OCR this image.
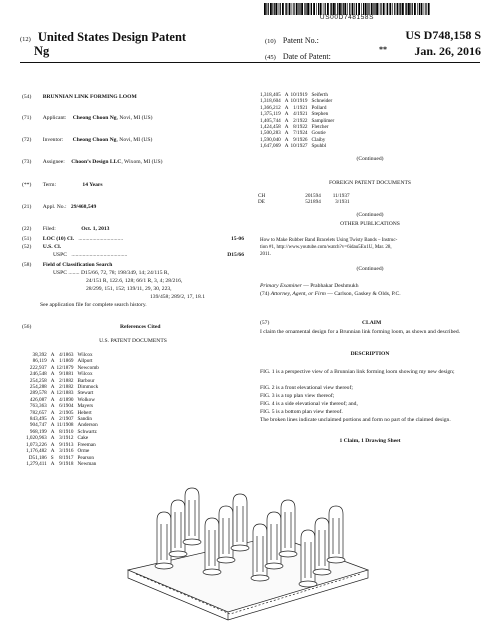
US00D748158S
(12) United States Design Patent
Ng
(10) Patent No.:	US D748,158 S
(45) Date of Patent:
** Jan. 26, 2016
(54) BRUNNIAN LINK FORMING LOOM
(71) Applicant: Cheong Choon Ng, Novi, MI (US)
(72) Inventor: Cheong Choon Ng, Novi, MI (US)
(73) Assignee: Choon’s Design LLC, Wixom, MI (US)
(**) Term:	14 Years
(21) Appl. No.: 29/468,549
(22) Filed:	Oct. 1, 2013
(51) LOC (10) Cl. ................................	15-06
(52) U.S. Cl.
USPC ........................................	D15/66
(58) Field of Classification Search
USPC ........ D15/66, 72, 78; 198/349, 14; 24/115 R,
24/151 R, 122.6, 128; 66/1 R, 3, 4; 28/216,
28/299, 151, 152; 139/11, 29, 30, 223,
139/458; 289/2, 17, 18.1
See application file for complete search history.
(56)	References Cited
U.S. PATENT DOCUMENTS
38,392	A	4/1863	Wilcox
86,119	A	1/1869	Allport
222,937	A	12/1879	Newcomb
246,548	A	9/1881	Wilcox
254,258	A	2/1882	Barbour
254,288	A	2/1882	Dimmock
289,578	A	12/1883	Stewart
426,087	A	4/1890	Wolkow
763,363	A	6/1904	Mayers
782,657	A	2/1905	Hebert
843,495	A	2/1907	Sandin
904,747	A	11/1908	Anderson
968,199	A	8/1910	Schwartz
1,020,963	A	3/1912	Cake
1,073,226	A	9/1913	Freeman
1,176,482	A	3/1916	Orme
D51,186	S	8/1917	Pearson
1,279,411	A	9/1918	Newman
1,318,405	A	10/1919	Seiferth
1,318,604	A	10/1919	Schneider
1,366,212	A	1/1921	Pollard
1,375,119	A	4/1921	Stephen
1,405,744	A	2/1922	Samplimer
1,424,458	A	8/1922	Fletcher
1,500,283	A	7/1924	Goutie
1,590,040	A	9/1926	Claiby
1,647,069	A	10/1927	Spuhbl
(Continued)
FOREIGN PATENT DOCUMENTS
CH	201594	11/1937
DE	521894	3/1931
(Continued)
OTHER PUBLICATIONS
How to Make Rubber Band Bracelets Using Twisty Bands – Instruc-
tion #1, http://www.youtube.com/watch?v=6idau5Eu1U, Mar. 28,
2011.
(Continued)
Primary Examiner — Prabhakar Deshmukh
(74) Attorney, Agent, or Firm — Carlson, Gaskey & Olds, P.C.
(57)	CLAIM
I claim the ornamental design for a Brunnian link forming loom, as shown and described.
DESCRIPTION
FIG. 1 is a perspective view of a Brunnian link forming loom showing my new design;
FIG. 2 is a front elevational view thereof;
FIG. 3 is a top plan view thereof;
FIG. 4 is a side elevational vie thereof; and,
FIG. 5 is a bottom plan view thereof.
The broken lines indicate unclaimed portions and form no part of the claimed design.
1 Claim, 1 Drawing Sheet
